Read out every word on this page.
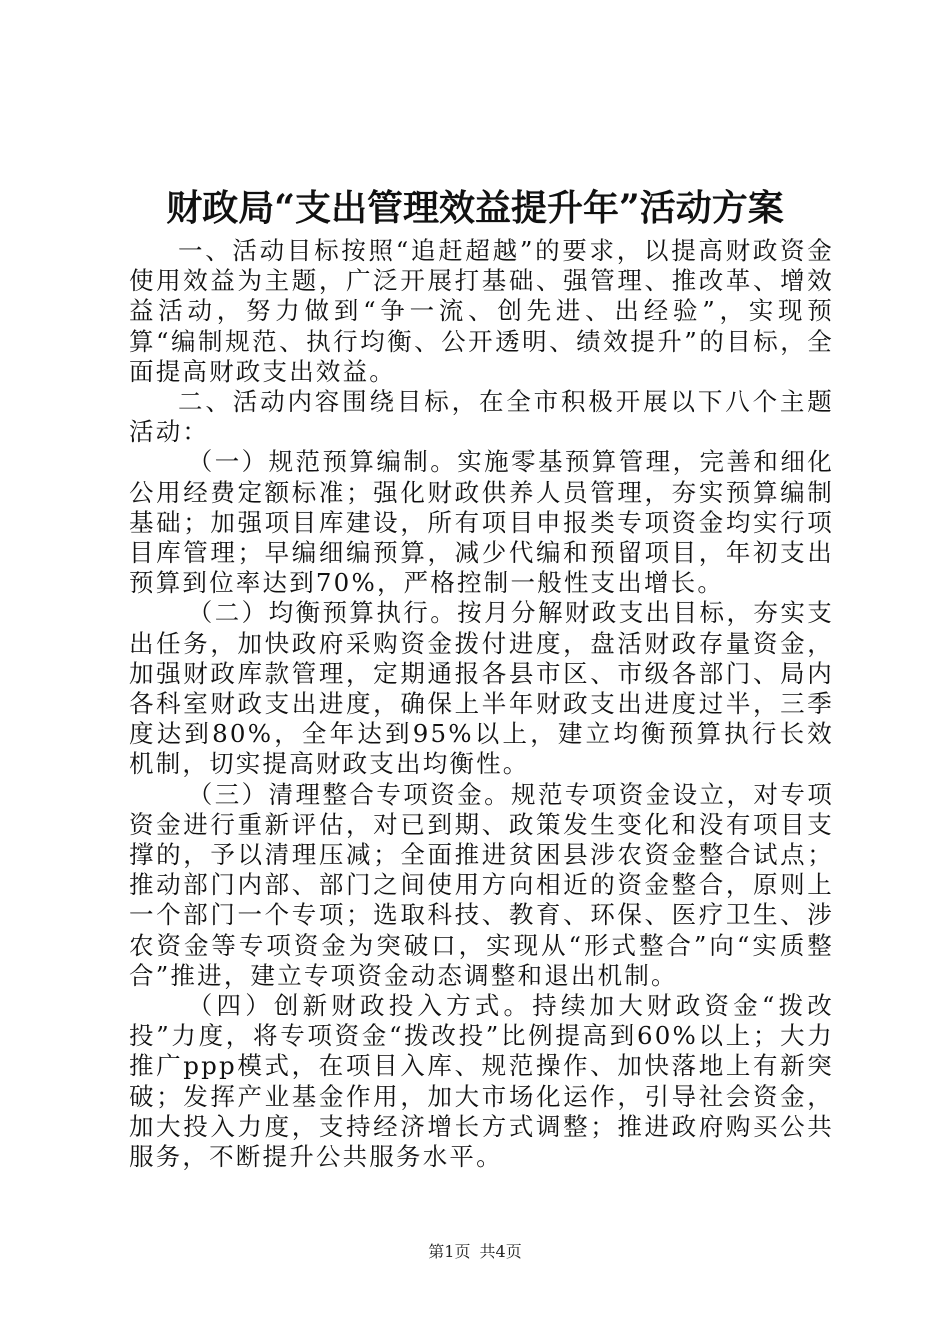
财政局“支出管理效益提升年”活动方案

一、活动目标按照“追赶超越”的要求，以提高财政资金使用效益为主题，广泛开展打基础、强管理、推改革、增效益活动，努力做到“争一流、创先进、出经验”，实现预算“编制规范、执行均衡、公开透明、绩效提升”的目标，全面提高财政支出效益。

二、活动内容围绕目标，在全市积极开展以下八个主题活动：

（一）规范预算编制。实施零基预算管理，完善和细化公用经费定额标准；强化财政供养人员管理，夯实预算编制基础；加强项目库建设，所有项目申报类专项资金均实行项目库管理；早编细编预算，减少代编和预留项目，年初支出预算到位率达到70%，严格控制一般性支出增长。

（二）均衡预算执行。按月分解财政支出目标，夯实支出任务，加快政府采购资金拨付进度，盘活财政存量资金，加强财政库款管理，定期通报各县市区、市级各部门、局内各科室财政支出进度，确保上半年财政支出进度过半，三季度达到80%，全年达到95%以上，建立均衡预算执行长效机制，切实提高财政支出均衡性。

（三）清理整合专项资金。规范专项资金设立，对专项资金进行重新评估，对已到期、政策发生变化和没有项目支撑的，予以清理压减；全面推进贫困县涉农资金整合试点；推动部门内部、部门之间使用方向相近的资金整合，原则上一个部门一个专项；选取科技、教育、环保、医疗卫生、涉农资金等专项资金为突破口，实现从“形式整合”向“实质整合”推进，建立专项资金动态调整和退出机制。

（四）创新财政投入方式。持续加大财政资金“拨改投”力度，将专项资金“拨改投”比例提高到60%以上；大力推广ppp模式，在项目入库、规范操作、加快落地上有新突破；发挥产业基金作用，加大市场化运作，引导社会资金，加大投入力度，支持经济增长方式调整；推进政府购买公共服务，不断提升公共服务水平。

第1页 共4页
